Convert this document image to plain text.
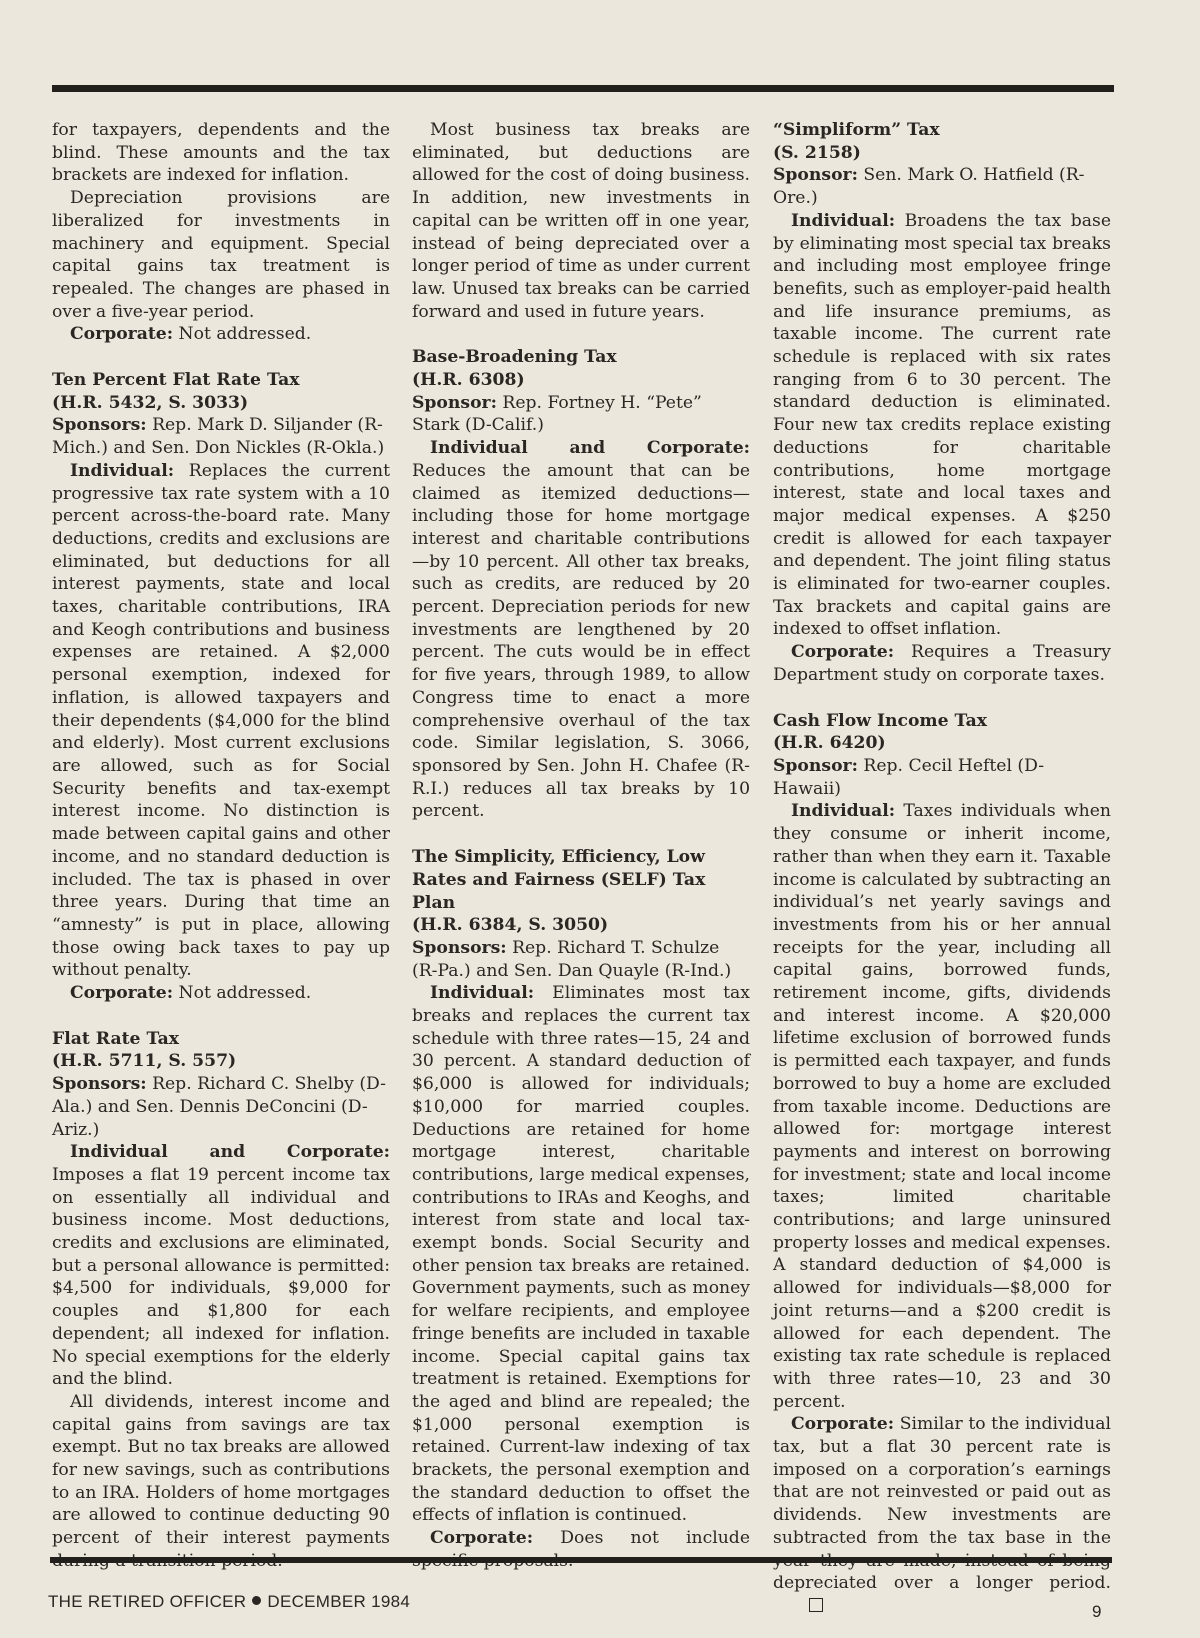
for taxpayers, dependents and the blind. These amounts and the tax brackets are indexed for inflation.

Depreciation provisions are liberalized for investments in machinery and equipment. Special capital gains tax treatment is repealed. The changes are phased in over a five-year period.

Corporate: Not addressed.

Ten Percent Flat Rate Tax
(H.R. 5432, S. 3033)

Sponsors: Rep. Mark D. Siljander (R-Mich.) and Sen. Don Nickles (R-Okla.)

Individual: Replaces the current progressive tax rate system with a 10 percent across-the-board rate. Many deductions, credits and exclusions are eliminated, but deductions for all interest payments, state and local taxes, charitable contributions, IRA and Keogh contributions and business expenses are retained. A $2,000 personal exemption, indexed for inflation, is allowed taxpayers and their dependents ($4,000 for the blind and elderly). Most current exclusions are allowed, such as for Social Security benefits and tax-exempt interest income. No distinction is made between capital gains and other income, and no standard deduction is included. The tax is phased in over three years. During that time an “amnesty” is put in place, allowing those owing back taxes to pay up without penalty.

Corporate: Not addressed.

Flat Rate Tax
(H.R. 5711, S. 557)

Sponsors: Rep. Richard C. Shelby (D-Ala.) and Sen. Dennis DeConcini (D-Ariz.)

Individual and Corporate: Imposes a flat 19 percent income tax on essentially all individual and business income. Most deductions, credits and exclusions are eliminated, but a personal allowance is permitted: $4,500 for individuals, $9,000 for couples and $1,800 for each dependent; all indexed for inflation. No special exemptions for the elderly and the blind.

All dividends, interest income and capital gains from savings are tax exempt. But no tax breaks are allowed for new savings, such as contributions to an IRA. Holders of home mortgages are allowed to continue deducting 90 percent of their interest payments

Most business tax breaks are eliminated, but deductions are allowed for the cost of doing business. In addition, new investments in capital can be written off in one year, instead of being depreciated over a longer period of time as under current law. Unused tax breaks can be carried forward and used in future years.

Base-Broadening Tax
(H.R. 6308)

Sponsor: Rep. Fortney H. “Pete” Stark (D-Calif.)

Individual and Corporate: Reduces the amount that can be claimed as itemized deductions—including those for home mortgage interest and charitable contributions—by 10 percent. All other tax breaks, such as credits, are reduced by 20 percent. Depreciation periods for new investments are lengthened by 20 percent. The cuts would be in effect for five years, through 1989, to allow Congress time to enact a more comprehensive overhaul of the tax code. Similar legislation, S. 3066, sponsored by Sen. John H. Chafee (R-R.I.) reduces all tax breaks by 10 percent.

The Simplicity, Efficiency, Low Rates and Fairness (SELF) Tax Plan
(H.R. 6384, S. 3050)

Sponsors: Rep. Richard T. Schulze (R-Pa.) and Sen. Dan Quayle (R-Ind.)

Individual: Eliminates most tax breaks and replaces the current tax schedule with three rates—15, 24 and 30 percent. A standard deduction of $6,000 is allowed for individuals; $10,000 for married couples. Deductions are retained for home mortgage interest, charitable contributions, large medical expenses, contributions to IRAs and Keoghs, and interest from state and local tax-exempt bonds. Social Security and other pension tax breaks are retained. Government payments, such as money for welfare recipients, and employee fringe benefits are included in taxable income. Special capital gains tax treatment is retained. Exemptions for the aged and blind are repealed; the $1,000 personal exemption is retained. Current-law indexing of tax brackets, the personal exemption and the standard deduction to offset the effects of inflation is continued.

Corporate: Does not include

“Simpliform” Tax
(S. 2158)

Sponsor: Sen. Mark O. Hatfield (R-Ore.)

Individual: Broadens the tax base by eliminating most special tax breaks and including most employee fringe benefits, such as employer-paid health and life insurance premiums, as taxable income. The current rate schedule is replaced with six rates ranging from 6 to 30 percent. The standard deduction is eliminated. Four new tax credits replace existing deductions for charitable contributions, home mortgage interest, state and local taxes and major medical expenses. A $250 credit is allowed for each taxpayer and dependent. The joint filing status is eliminated for two-earner couples. Tax brackets and capital gains are indexed to offset inflation.

Corporate: Requires a Treasury Department study on corporate taxes.

Cash Flow Income Tax
(H.R. 6420)

Sponsor: Rep. Cecil Heftel (D-Hawaii)

Individual: Taxes individuals when they consume or inherit income, rather than when they earn it. Taxable income is calculated by subtracting an individual’s net yearly savings and investments from his or her annual receipts for the year, including all capital gains, borrowed funds, retirement income, gifts, dividends and interest income. A $20,000 lifetime exclusion of borrowed funds is permitted each taxpayer, and funds borrowed to buy a home are excluded from taxable income. Deductions are allowed for: mortgage interest payments and interest on borrowing for investment; state and local income taxes; limited charitable contributions; and large uninsured property losses and medical expenses. A standard deduction of $4,000 is allowed for individuals—$8,000 for joint returns—and a $200 credit is allowed for each dependent. The existing tax rate schedule is replaced with three rates—10, 23 and 30 percent.

Corporate: Similar to the individual tax, but a flat 30 percent rate is imposed on a corporation’s earnings that are not reinvested or paid out as dividends. New investments are subtracted from the tax base in the depreciated over a longer period.

THE RETIRED OFFICER DECEMBER 1984
9
